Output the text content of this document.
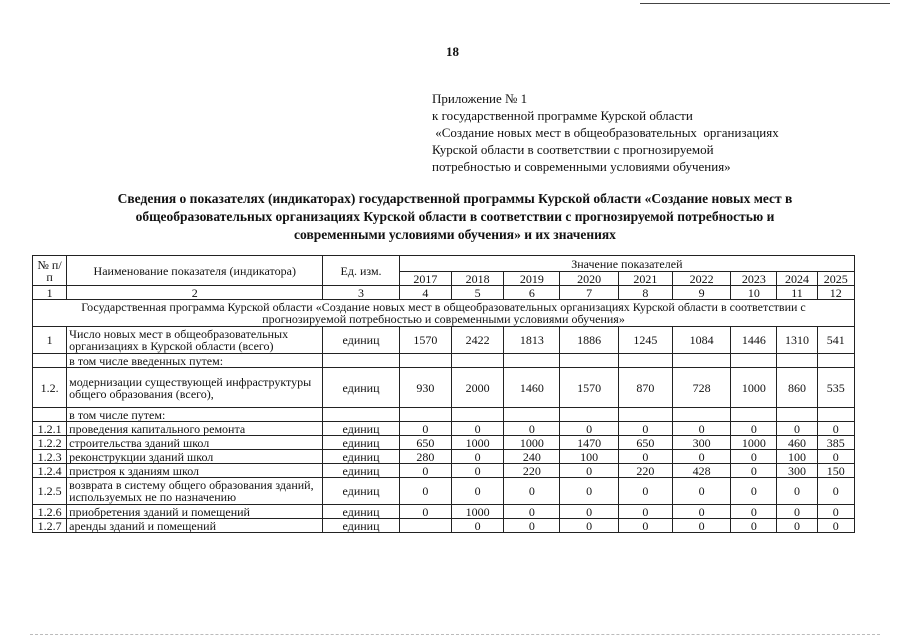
18
Приложение № 1
к государственной программе Курской области
«Создание новых мест в общеобразовательных  организациях
Курской области в соответствии с прогнозируемой
потребностью и современными условиями обучения»
Сведения о показателях (индикаторах) государственной программы Курской области «Создание новых мест в
общеобразовательных организациях Курской области в соответствии с прогнозируемой потребностью и
современными условиями обучения» и их значениях
№ п/п	Наименование показателя (индикатора)	Ед. изм.	Значение показателей								
			2017	2018	2019	2020	2021	2022	2023	2024	2025
1	2	3	4	5	6	7	8	9	10	11	12
Государственная программа Курской области «Создание новых мест в общеобразовательных организациях Курской области в соответствии с прогнозируемой потребностью и современными условиями обучения»											
1	Число новых мест в общеобразовательных организациях в Курской области (всего)	единиц	1570	2422	1813	1886	1245	1084	1446	1310	541
	в том числе введенных путем:										
1.2.	модернизации существующей инфраструктуры общего образования (всего),	единиц	930	2000	1460	1570	870	728	1000	860	535
	в том числе путем:										
1.2.1	проведения капитального ремонта	единиц	0	0	0	0	0	0	0	0	0
1.2.2	строительства зданий школ	единиц	650	1000	1000	1470	650	300	1000	460	385
1.2.3	реконструкции зданий школ	единиц	280	0	240	100	0	0	0	100	0
1.2.4	пристроя к зданиям школ	единиц	0	0	220	0	220	428	0	300	150
1.2.5	возврата в систему общего образования зданий, используемых не по назначению	единиц	0	0	0	0	0	0	0	0	0
1.2.6	приобретения зданий и помещений	единиц	0	1000	0	0	0	0	0	0	0
1.2.7	аренды зданий и помещений	единиц		0	0	0	0	0	0	0	0
